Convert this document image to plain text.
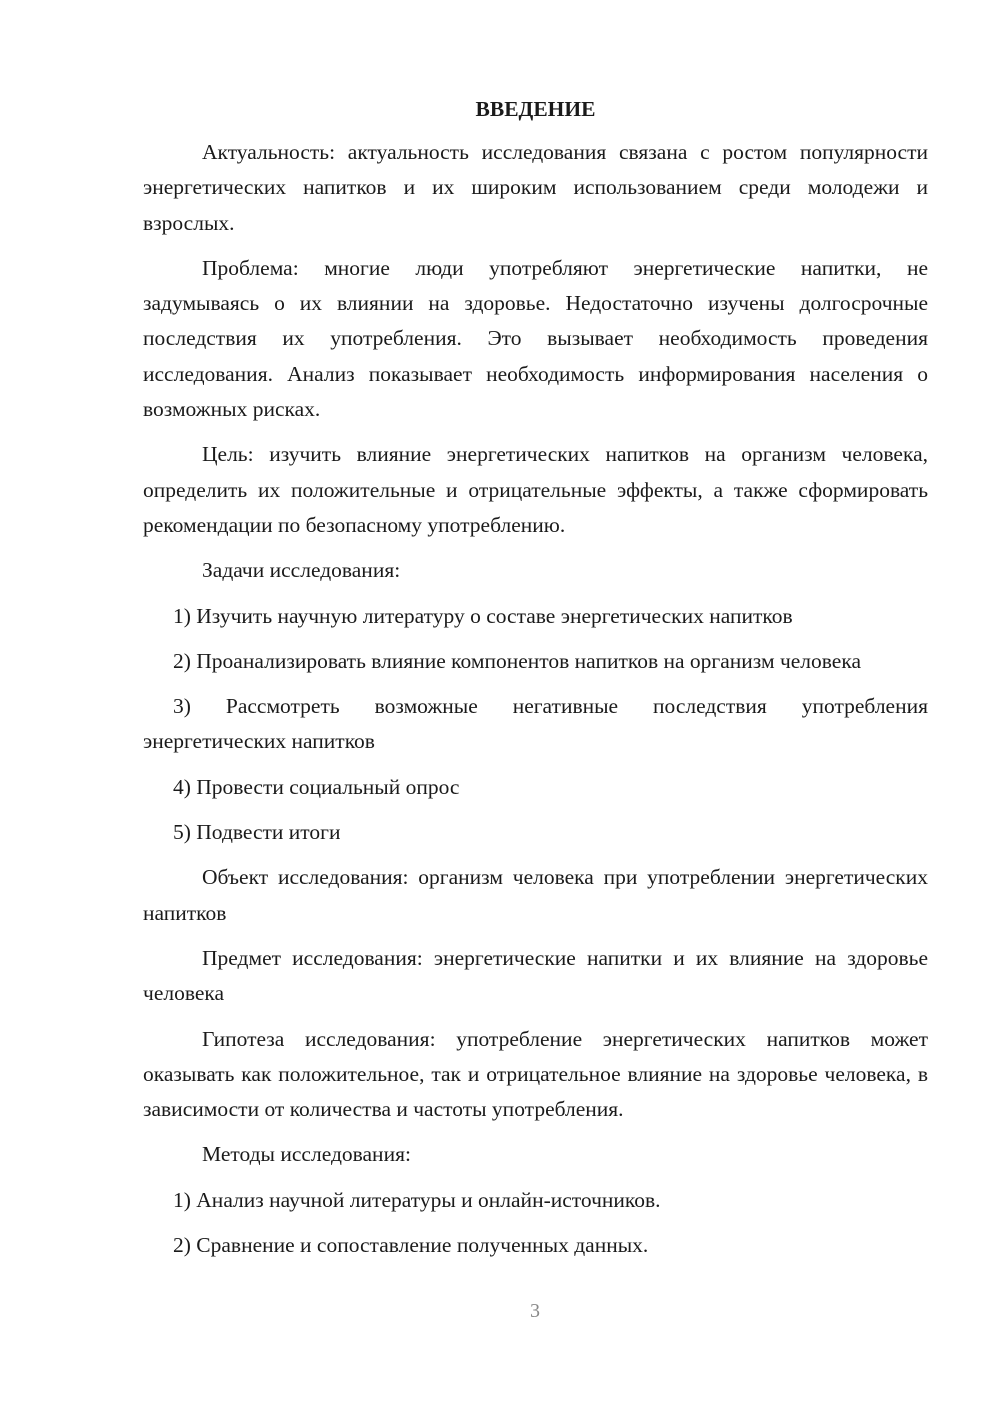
ВВЕДЕНИЕ

Актуальность: актуальность исследования связана с ростом популярности энергетических напитков и их широким использованием среди молодежи и взрослых.

Проблема: многие люди употребляют энергетические напитки, не задумываясь о их влиянии на здоровье. Недостаточно изучены долгосрочные последствия их употребления. Это вызывает необходимость проведения исследования. Анализ показывает необходимость информирования населения о возможных рисках.

Цель: изучить влияние энергетических напитков на организм человека, определить их положительные и отрицательные эффекты, а также сформировать рекомендации по безопасному употреблению.

Задачи исследования:

1) Изучить научную литературу о составе энергетических напитков

2) Проанализировать влияние компонентов напитков на организм человека

3) Рассмотреть возможные негативные последствия употребления энергетических напитков

4) Провести социальный опрос

5) Подвести итоги

Объект исследования: организм человека при употреблении энергетических напитков

Предмет исследования: энергетические напитки и их влияние на здоровье человека

Гипотеза исследования: употребление энергетических напитков может оказывать как положительное, так и отрицательное влияние на здоровье человека, в зависимости от количества и частоты употребления.

Методы исследования:

1) Анализ научной литературы и онлайн-источников.

2) Сравнение и сопоставление полученных данных.

3
